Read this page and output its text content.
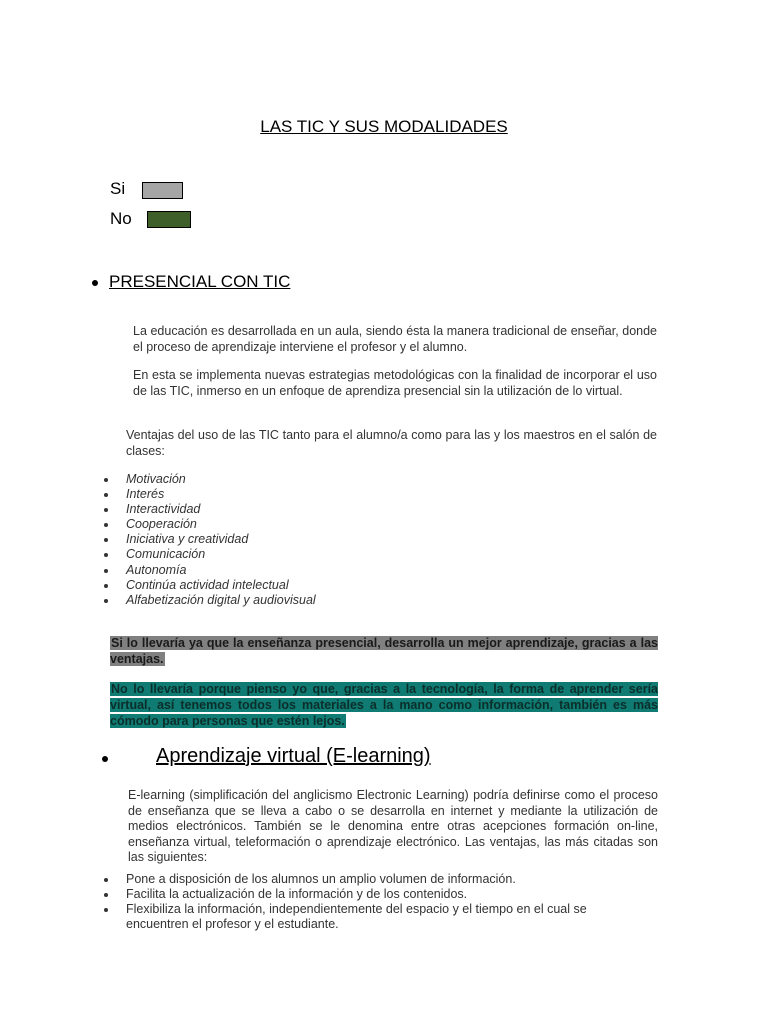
LAS TIC Y SUS MODALIDADES
Si
No
PRESENCIAL CON TIC
La educación es desarrollada en un aula, siendo ésta la manera tradicional de enseñar, donde el proceso de aprendizaje interviene el profesor y el alumno.
En esta se implementa nuevas estrategias metodológicas con la finalidad de incorporar el uso de las TIC, inmerso en un enfoque de aprendiza presencial sin la utilización de lo virtual.
Ventajas del uso de las TIC tanto para el alumno/a como para las y los maestros en el salón de clases:
Motivación
Interés
Interactividad
Cooperación
Iniciativa y creatividad
Comunicación
Autonomía
Continúa actividad intelectual
Alfabetización digital y audiovisual
Si lo llevaría ya que la enseñanza presencial, desarrolla un mejor aprendizaje, gracias a las ventajas.
No lo llevaría porque pienso yo que, gracias a la tecnología, la forma de aprender sería virtual, así tenemos todos los materiales a la mano como información, también es más cómodo para personas que estén lejos.
Aprendizaje virtual (E-learning)
E-learning (simplificación del anglicismo Electronic Learning) podría definirse como el proceso de enseñanza que se lleva a cabo o se desarrolla en internet y mediante la utilización de medios electrónicos. También se le denomina entre otras acepciones formación on-line, enseñanza virtual, teleformación o aprendizaje electrónico. Las ventajas, las más citadas son las siguientes:
Pone a disposición de los alumnos un amplio volumen de información.
Facilita la actualización de la información y de los contenidos.
Flexibiliza la información, independientemente del espacio y el tiempo en el cual se encuentren el profesor y el estudiante.
